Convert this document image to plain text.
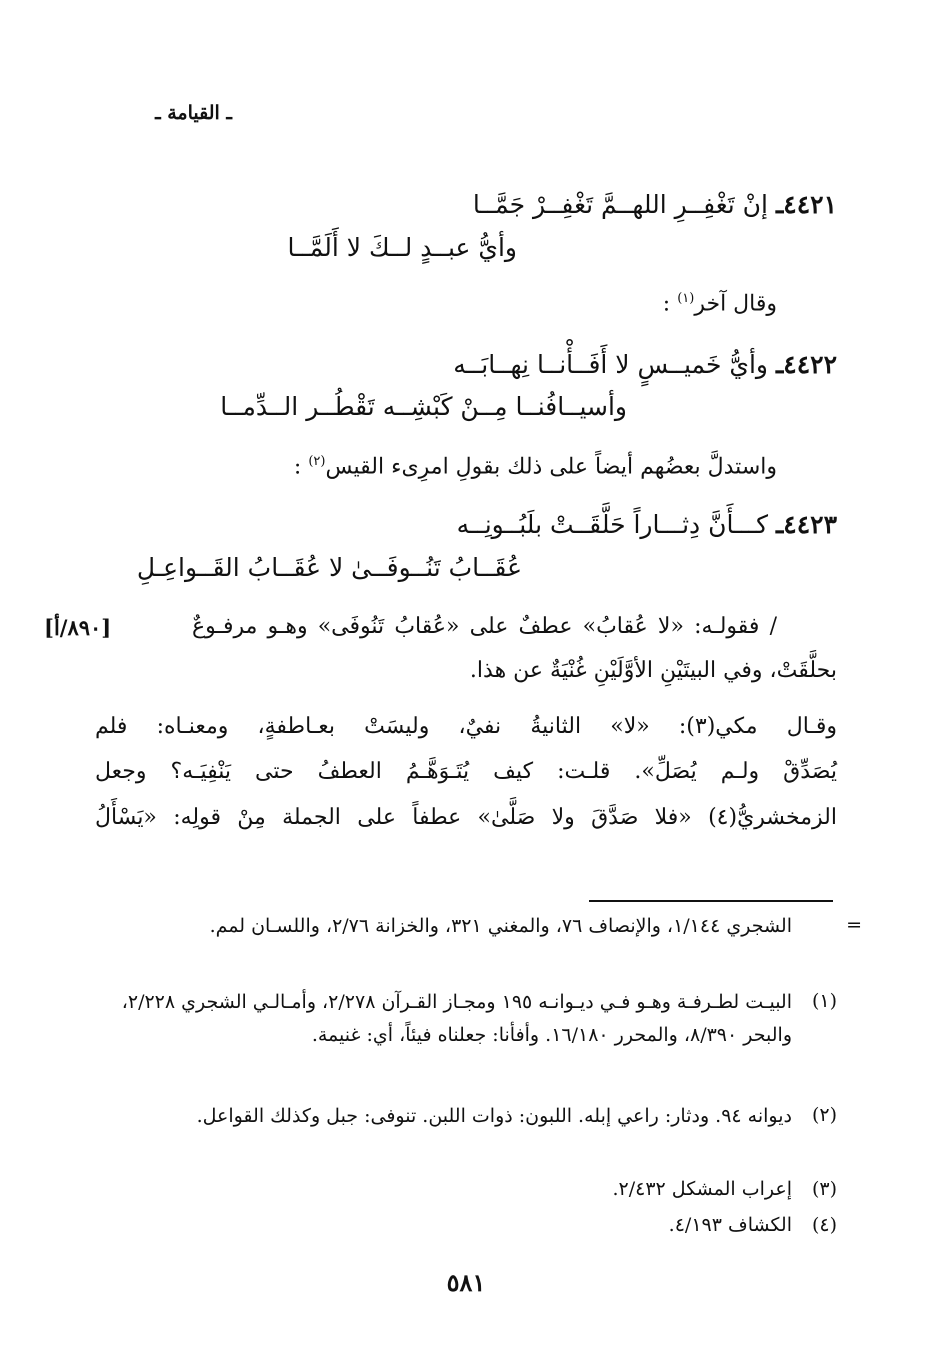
ـ القيامة ـ
٤٤٢١ـ إنْ تَغْفِــرِ اللهــمَّ تَغْفِــرْ جَمَّــا
وأيُّ عبــدٍ لــكَ لا أَلَمَّــا
وقال آخر$^{(١)}$ :
٤٤٢٢ـ وأيُّ خَميــسٍ لا أَفَــأْنــا نِهــابَــه
وأسيــافُنــا مِــنْ كَبْشِــه تَقْطُــر الــدِّمــا
واستدلَّ بعضُهم أيضاً على ذلك بقولِ امرِىء القيس$^{(٢)}$ :
٤٤٢٣ـ كـــأَنَّ دِثـــاراً حَلَّقَــتْ بلَبُــونِــه
عُقَــابُ تَنُــوفَــىٰ لا عُقَــابُ القَــواعِـلِ
[٨٩٠/أ]	/ فقولـه: «لا عُقابُ» عطفٌ على «عُقابُ تَنُوفَى» وهـو مرفـوعٌ
بحلَّقَتْ، وفي البيتَيْنِ الأوَّلَيْنِ غُنْيَةٌ عن هذا.
وقـال مكي(٣): «لا» الثانيةُ نفيٌ، وليسَتْ بعـاطفةٍ، ومعنـاه: فلم
يُصَدِّقْ ولـم يُصَلِّ». قلـت: كيف يُتَـوَهَّـمُ العطفُ حتى يَنْفِيَـه؟ وجعل
الزمخشريُّ(٤) «فلا صَدَّقَ ولا صَلَّىٰ» عطفاً على الجملة مِنْ قولِه: «يَسْأَلُ
=
الشجري ١/١٤٤، والإنصاف ٧٦، والمغني ٣٢١، والخزانة ٢/٧٦، واللسـان لمم.
(١)
البيـت لطـرفـة وهـو فـي ديـوانـه ١٩٥ ومجـاز القـرآن ٢/٢٧٨، وأمـالـي الشجري ٢/٢٢٨، والبحر ٨/٣٩٠، والمحرر ١٦/١٨٠. وأفأنا: جعلناه فيئاً، أي: غنيمة.
(٢)
ديوانه ٩٤. ودثار: راعي إبله. اللبون: ذوات اللبن. تنوفى: جبل وكذلك القواعل.
(٣)
إعراب المشكل ٢/٤٣٢.
(٤)
الكشاف ٤/١٩٣.
٥٨١
